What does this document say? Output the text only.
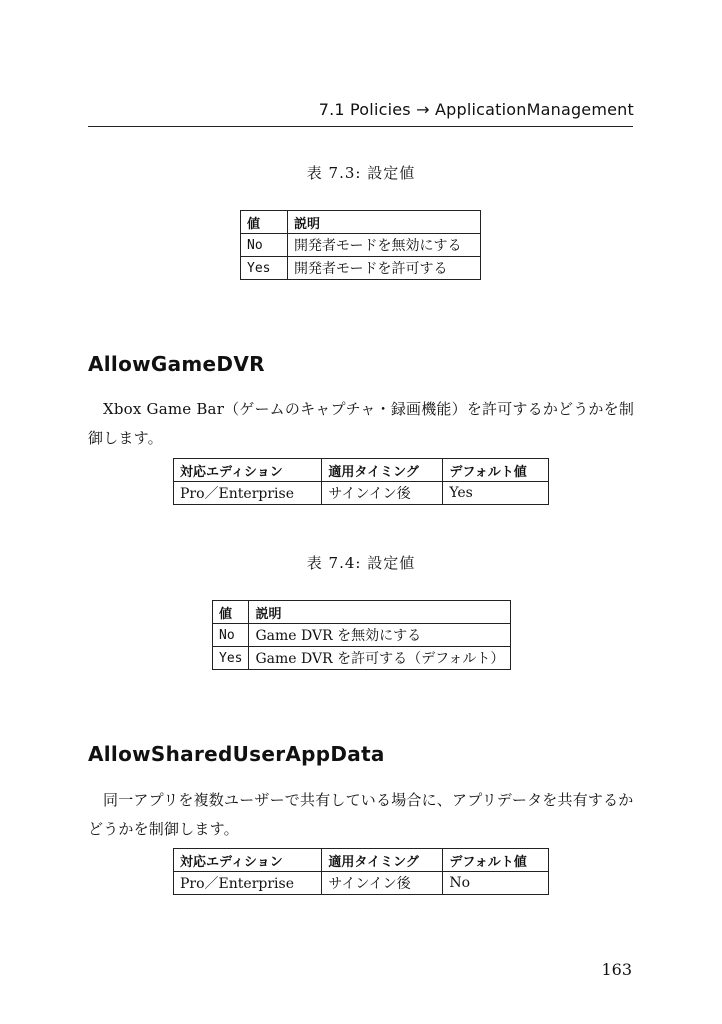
7.1 Policies → ApplicationManagement
表 7.3: 設定値
値	説明
No	開発者モードを無効にする
Yes	開発者モードを許可する
AllowGameDVR
Xbox Game Bar（ゲームのキャプチャ・録画機能）を許可するかどうかを制御します。
対応エディション	適用タイミング	デフォルト値
Pro／Enterprise	サインイン後	Yes
表 7.4: 設定値
値	説明
No	Game DVR を無効にする
Yes	Game DVR を許可する（デフォルト）
AllowSharedUserAppData
同一アプリを複数ユーザーで共有している場合に、アプリデータを共有するかどうかを制御します。
対応エディション	適用タイミング	デフォルト値
Pro／Enterprise	サインイン後	No
163
